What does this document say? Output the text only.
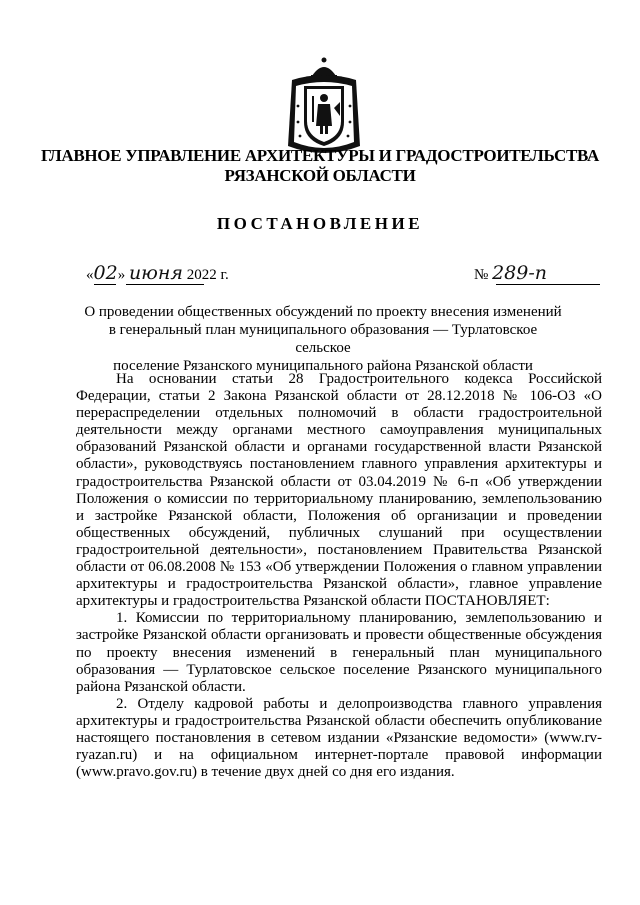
ГЛАВНОЕ УПРАВЛЕНИЕ АРХИТЕКТУРЫ И ГРАДОСТРОИТЕЛЬСТВА
РЯЗАНСКОЙ ОБЛАСТИ
ПОСТАНОВЛЕНИЕ
«02» июня 2022 г.	№ 289-п
О проведении общественных обсуждений по проекту внесения изменений
в генеральный план муниципального образования — Турлатовское сельское
поселение Рязанского муниципального района Рязанской области

На основании статьи 28 Градостроительного кодекса Российской Федерации, статьи 2 Закона Рязанской области от 28.12.2018 № 106-ОЗ «О перераспределении отдельных полномочий в области градостроительной деятельности между органами местного самоуправления муниципальных образований Рязанской области и органами государственной власти Рязанской области», руководствуясь постановлением главного управления архитектуры и градостроительства Рязанской области от 03.04.2019 № 6-п «Об утверждении Положения о комиссии по территориальному планированию, землепользованию и застройке Рязанской области, Положения об организации и проведении общественных обсуждений, публичных слушаний при осуществлении градостроительной деятельности», постановлением Правительства Рязанской области от 06.08.2008 № 153 «Об утверждении Положения о главном управлении архитектуры и градостроительства Рязанской области», главное управление архитектуры и градостроительства Рязанской области ПОСТАНОВЛЯЕТ:

1. Комиссии по территориальному планированию, землепользованию и застройке Рязанской области организовать и провести общественные обсуждения по проекту внесения изменений в генеральный план муниципального образования — Турлатовское сельское поселение Рязанского муниципального района Рязанской области.

2. Отделу кадровой работы и делопроизводства главного управления архитектуры и градостроительства Рязанской области обеспечить опубликование настоящего постановления в сетевом издании «Рязанские ведомости» (www.rv-ryazan.ru) и на официальном интернет-портале правовой информации (www.pravo.gov.ru) в течение двух дней со дня его издания.
